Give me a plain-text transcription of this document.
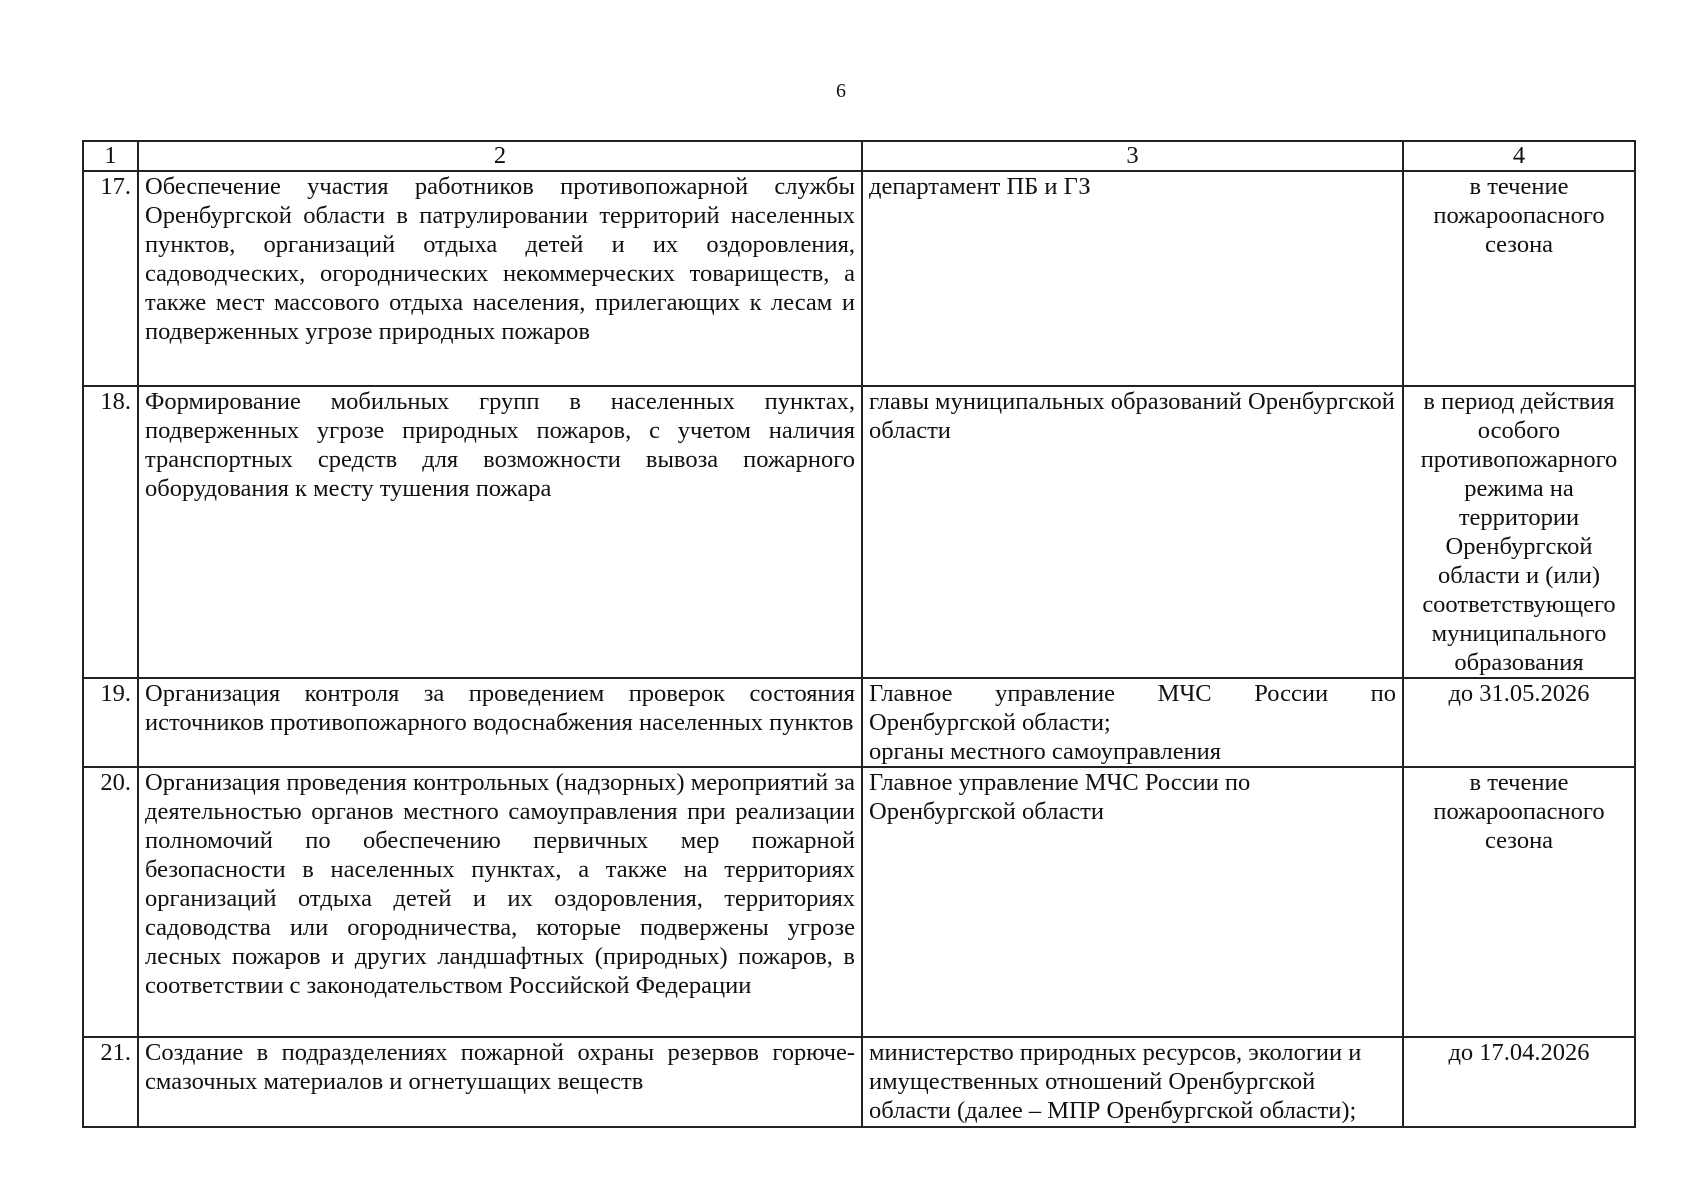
6
1	2	3	4
17.	Обеспечение участия работников противопожарной службы Оренбургской области в патрулировании территорий населенных пунктов, организаций отдыха детей и их оздоровления, садоводческих, огороднических некоммерческих товариществ, а также мест массового отдыха населения, прилегающих к лесам и подверженных угрозе природных пожаров	департамент ПБ и ГЗ	в течение пожароопасного сезона
18.	Формирование мобильных групп в населенных пунктах, подверженных угрозе природных пожаров, с учетом наличия транспортных средств для возможности вывоза пожарного оборудования к месту тушения пожара	главы муниципальных образований Оренбургской области	в период действия особого противопожарного режима на территории Оренбургской области и (или) соответствующего муниципального образования
19.	Организация контроля за проведением проверок состояния источников противопожарного водоснабжения населенных пунктов	Главное управление МЧС России по
Оренбургской области;
органы местного самоуправления	до 31.05.2026
20.	Организация проведения контрольных (надзорных) мероприятий за деятельностью органов местного самоуправления при реализации полномочий по обеспечению первичных мер пожарной безопасности в населенных пунктах, а также на территориях организаций отдыха детей и их оздоровления, территориях садоводства или огородничества, которые подвержены угрозе лесных пожаров и других ландшафтных (природных) пожаров, в соответствии с законодательством Российской Федерации	Главное управление МЧС России по Оренбургской области	в течение пожароопасного сезона
21.	Создание в подразделениях пожарной охраны резервов горюче-смазочных материалов и огнетушащих веществ	министерство природных ресурсов, экологии и имущественных отношений Оренбургской области (далее – МПР Оренбургской области);	до 17.04.2026
